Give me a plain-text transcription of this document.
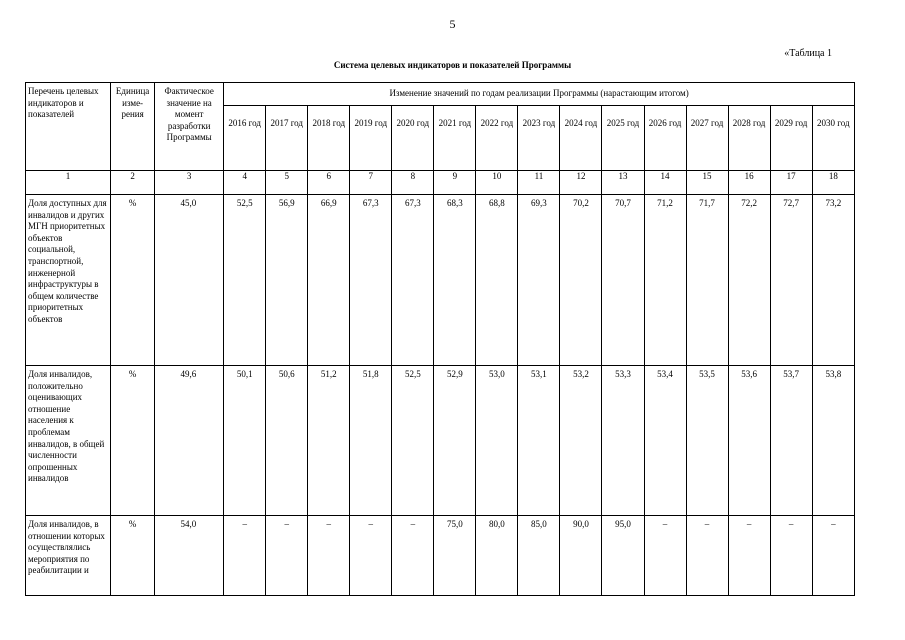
5
«Таблица 1
Система целевых индикаторов и показателей Программы
Перечень целевых индикаторов и показателей	Единица изме-рения	Фактическое значение на момент разработки Программы	Изменение значений по годам реализации Программы (нарастающим итогом)														
			2016 год	2017 год	2018 год	2019 год	2020 год	2021 год	2022 год	2023 год	2024 год	2025 год	2026 год	2027 год	2028 год	2029 год	2030 год
1	2	3	4	5	6	7	8	9	10	11	12	13	14	15	16	17	18
Доля доступных для инвалидов и других МГН приоритетных объектов социальной, транспортной, инженерной инфраструктуры в общем количестве приоритетных объектов	%	45,0	52,5	56,9	66,9	67,3	67,3	68,3	68,8	69,3	70,2	70,7	71,2	71,7	72,2	72,7	73,2
Доля инвалидов, положительно оценивающих отношение населения к проблемам инвалидов, в общей численности опрошенных инвалидов	%	49,6	50,1	50,6	51,2	51,8	52,5	52,9	53,0	53,1	53,2	53,3	53,4	53,5	53,6	53,7	53,8
Доля инвалидов, в отношении которых осуществлялись мероприятия по реабилитации и	%	54,0	–	–	–	–	–	75,0	80,0	85,0	90,0	95,0	–	–	–	–	–
